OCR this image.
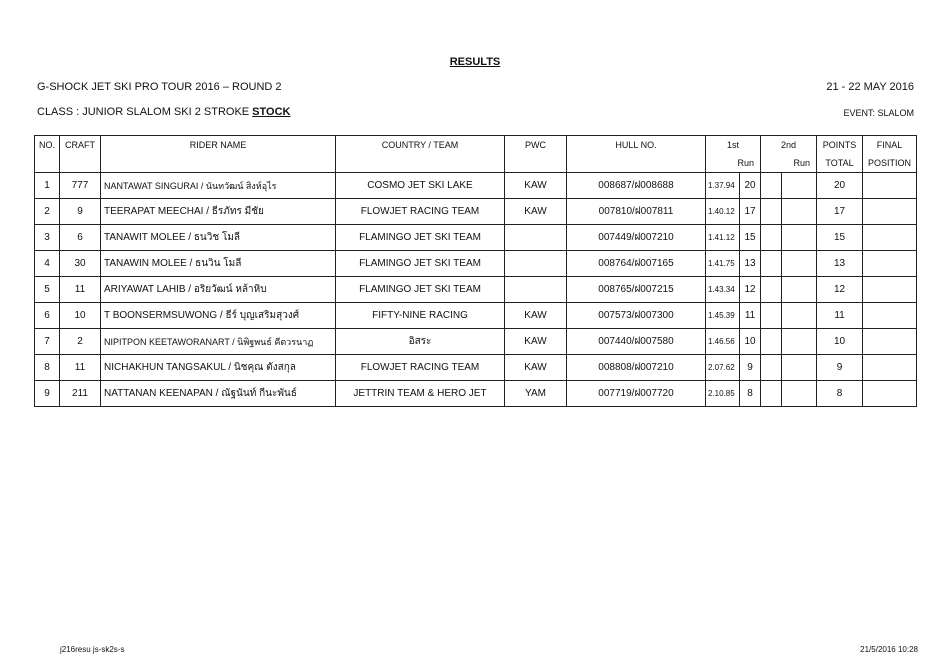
RESULTS
G-SHOCK JET SKI PRO TOUR 2016 – ROUND 2	21 - 22 MAY 2016
CLASS : JUNIOR SLALOM SKI 2 STROKE STOCK	EVENT: SLALOM
NO.	CRAFT	RIDER NAME	COUNTRY / TEAM	PWC	HULL NO.	1st		2nd		POINTS	FINAL
						Run		Run		TOTAL	POSITION
1	777	NANTAWAT SINGURAI / นันทวัฒน์ สิงห์อุไร	COSMO JET SKI LAKE	KAW	008687/ฝ008688	1.37.94	20			20	
2	9	TEERAPAT MEECHAI / ธีรภัทร มีชัย	FLOWJET RACING TEAM	KAW	007810/ฝ007811	1.40.12	17			17	
3	6	TANAWIT MOLEE / ธนวิช โมลี	FLAMINGO JET SKI TEAM		007449/ฝ007210	1.41.12	15			15	
4	30	TANAWIN MOLEE / ธนวิน โมลี	FLAMINGO JET SKI TEAM		008764/ฝ007165	1.41.75	13			13	
5	11	ARIYAWAT LAHIB / อริยวัฒน์ หล้าหิบ	FLAMINGO JET SKI TEAM		008765/ฝ007215	1.43.34	12			12	
6	10	T BOONSERMSUWONG / ธีร์ บุญเสริมสุวงศ์	FIFTY-NINE RACING	KAW	007573/ฝ007300	1.45.39	11			11	
7	2	NIPITPON KEETAWORANART / นิพิฐพนธ์ คีตวรนาฏ	อิสระ	KAW	007440/ฝ007580	1.46.56	10			10	
8	11	NICHAKHUN TANGSAKUL / นิชคุณ ตังสกุล	FLOWJET RACING TEAM	KAW	008808/ฝ007210	2.07.62	9			9	
9	211	NATTANAN KEENAPAN / ณัฐนันท์ กีนะพันธ์	JETTRIN TEAM & HERO JET	YAM	007719/ฝ007720	2.10.85	8			8	
j216resu js-sk2s-s	21/5/2016 10:28
